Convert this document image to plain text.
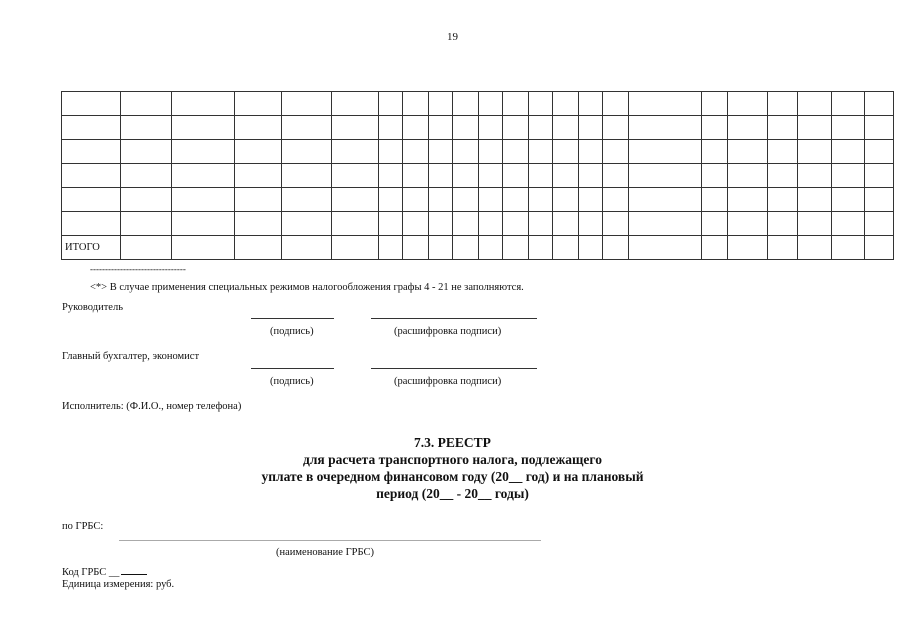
19

ИТОГО																						
--------------------------------
<*> В случае применения специальных режимов налогообложения графы 4 - 21 не заполняются.
Руководитель
(подпись)	(расшифровка подписи)
Главный бухгалтер, экономист
(подпись)	(расшифровка подписи)
Исполнитель: (Ф.И.О., номер телефона)
7.3. РЕЕСТР
для расчета транспортного налога, подлежащего
уплате в очередном финансовом году (20__ год) и на плановый
период (20__ - 20__ годы)
по ГРБС:
(наименование ГРБС)
Код ГРБС __
Единица измерения: руб.
